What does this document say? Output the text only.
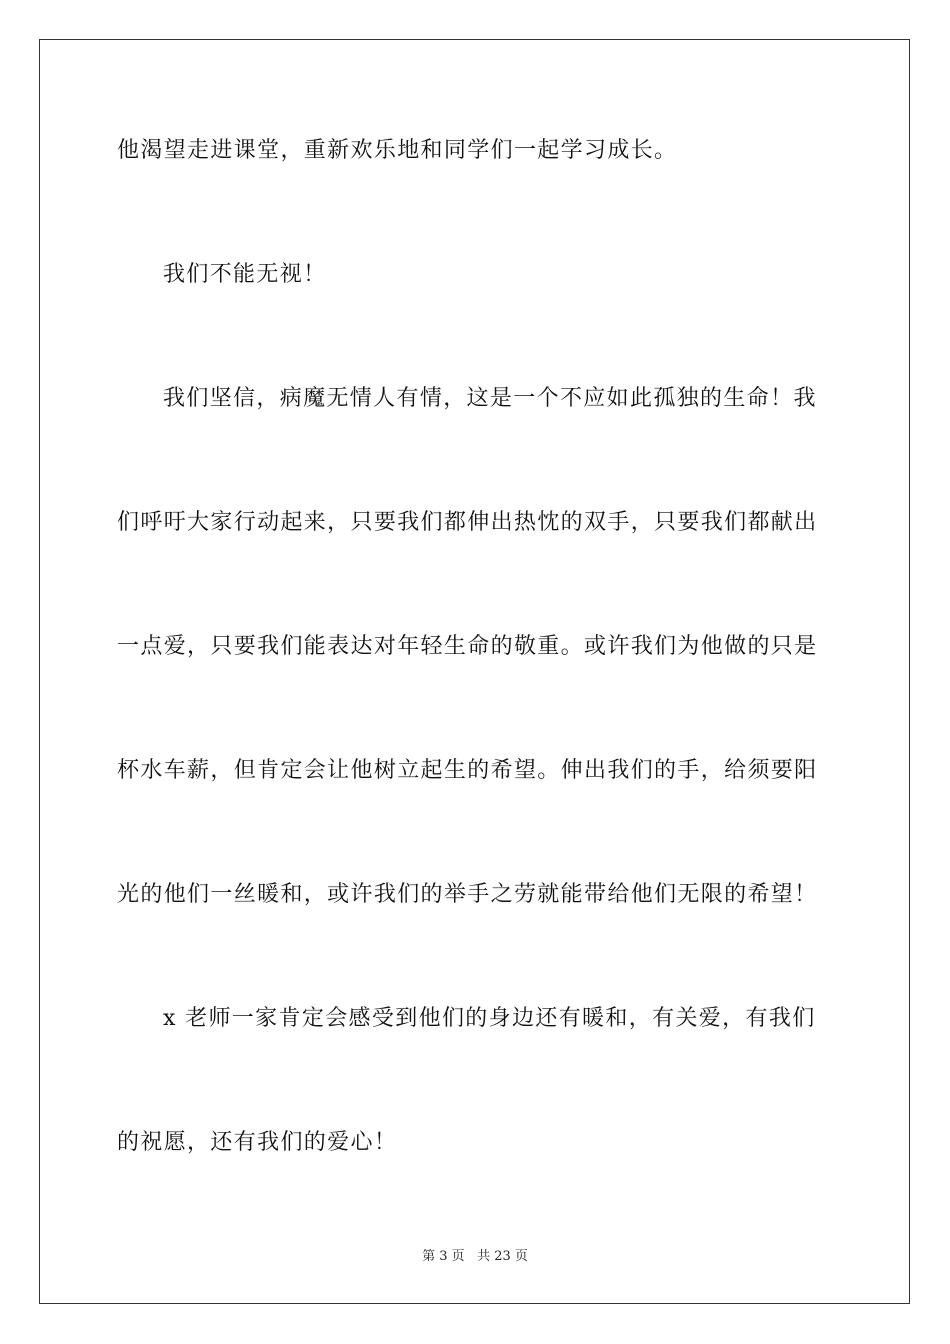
他渴望走进课堂，重新欢乐地和同学们一起学习成长。
我们不能无视！
我们坚信，病魔无情人有情，这是一个不应如此孤独的生命！我
们呼吁大家行动起来，只要我们都伸出热忱的双手，只要我们都献出
一点爱，只要我们能表达对年轻生命的敬重。或许我们为他做的只是
杯水车薪，但肯定会让他树立起生的希望。伸出我们的手，给须要阳
光的他们一丝暖和，或许我们的举手之劳就能带给他们无限的希望！
x 老师一家肯定会感受到他们的身边还有暖和，有关爱，有我们
的祝愿，还有我们的爱心！
第 3 页 共 23 页
